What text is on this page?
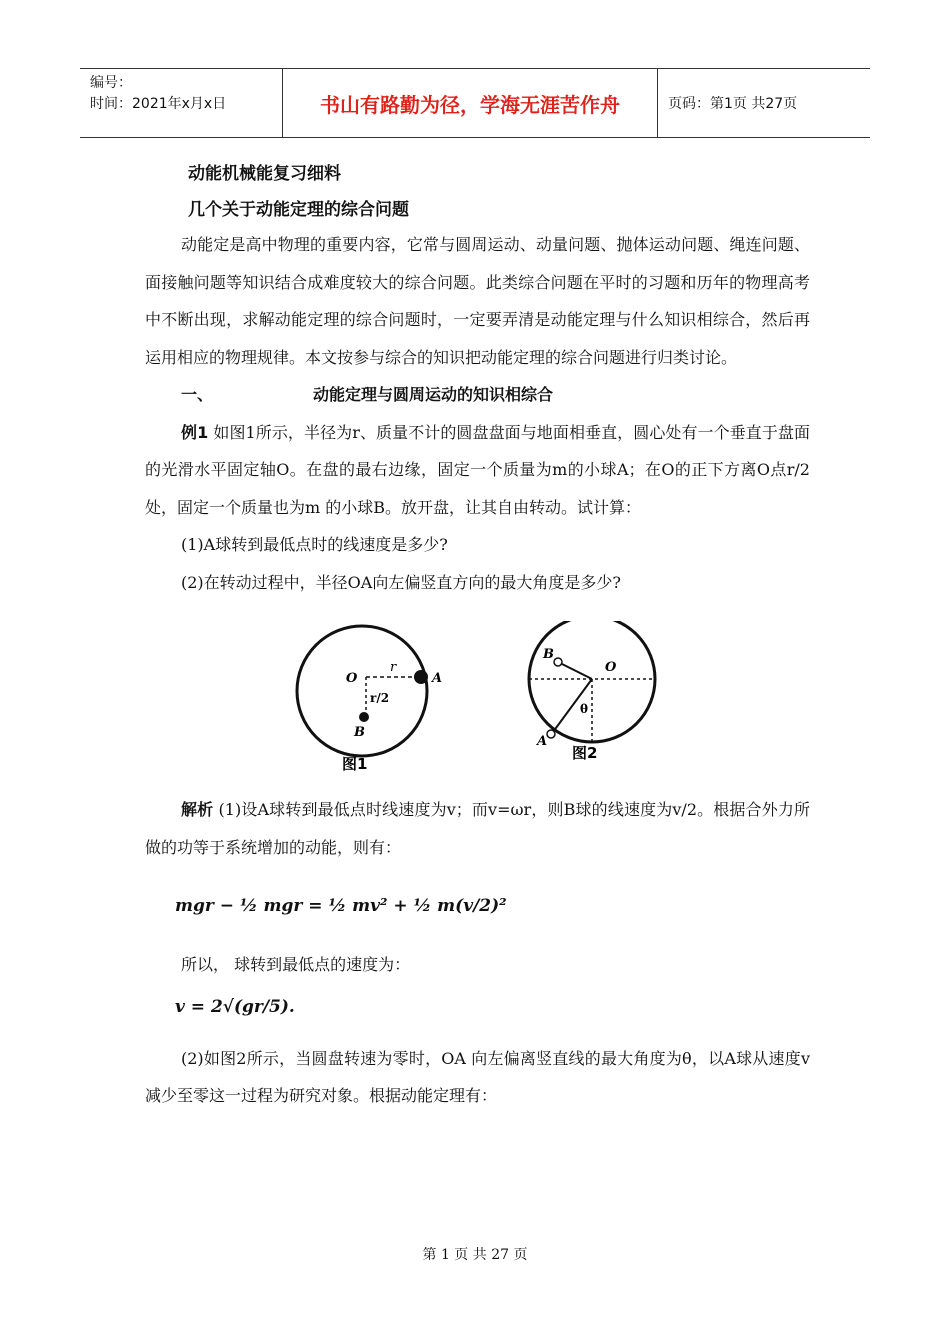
编号：
时间：2021年x月x日	书山有路勤为径，学海无涯苦作舟	页码：第1页 共27页
动能机械能复习细料
几个关于动能定理的综合问题

动能定是高中物理的重要内容，它常与圆周运动、动量问题、抛体运动问题、绳连问题、面接触问题等知识结合成难度较大的综合问题。此类综合问题在平时的习题和历年的物理高考中不断出现，求解动能定理的综合问题时，一定要弄清是动能定理与什么知识相综合，然后再运用相应的物理规律。本文按参与综合的知识把动能定理的综合问题进行归类讨论。

一、	动能定理与圆周运动的知识相综合

例1 如图1所示，半径为r、质量不计的圆盘盘面与地面相垂直，圆心处有一个垂直于盘面的光滑水平固定轴O。在盘的最右边缘，固定一个质量为m的小球A；在O的正下方离O点r/2处，固定一个质量也为m 的小球B。放开盘，让其自由转动。试计算：

(1)A球转到最低点时的线速度是多少?

(2)在转动过程中，半径OA向左偏竖直方向的最大角度是多少?

O
r
A
r/2
B
图1
B
O
θ
A
图2

解析 (1)设A球转到最低点时线速度为v；而v=ωr，则B球的线速度为v/2。根据合外力所做的功等于系统增加的动能，则有：

mgr − ½ mgr = ½ mv² + ½ m(v/2)²

所以， 球转到最低点的速度为：

v = 2√(gr/5).

(2)如图2所示，当圆盘转速为零时，OA 向左偏离竖直线的最大角度为θ，以A球从速度v减少至零这一过程为研究对象。根据动能定理有：

第 1 页 共 27 页
